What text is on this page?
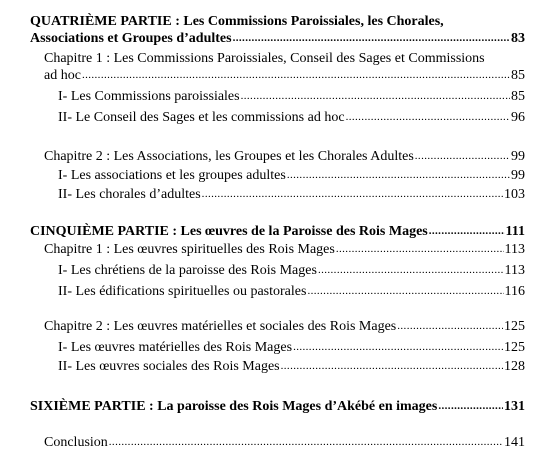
QUATRIÈME PARTIE : Les Commissions Paroissiales, les Chorales,
Associations et Groupes d’adultes .....	83
Chapitre 1 : Les Commissions Paroissiales, Conseil des Sages et Commissions
ad hoc .....	85
I- Les Commissions paroissiales .....	85
II- Le Conseil des Sages et les commissions ad hoc .....	96
Chapitre 2 : Les Associations, les Groupes et les Chorales Adultes .....	99
I- Les associations et les groupes adultes .....	99
II- Les chorales d’adultes .....	103
CINQUIÈME PARTIE : Les œuvres de la Paroisse des Rois Mages .....	111
Chapitre 1 : Les œuvres spirituelles des Rois Mages .....	113
I- Les chrétiens de la paroisse des Rois Mages .....	113
II- Les édifications spirituelles ou pastorales .....	116
Chapitre 2 : Les œuvres matérielles et sociales des Rois Mages .....	125
I- Les œuvres matérielles des Rois Mages .....	125
II- Les œuvres sociales des Rois Mages .....	128
SIXIÈME PARTIE : La paroisse des Rois Mages d’Akébé en images .....	131
Conclusion .....	141
